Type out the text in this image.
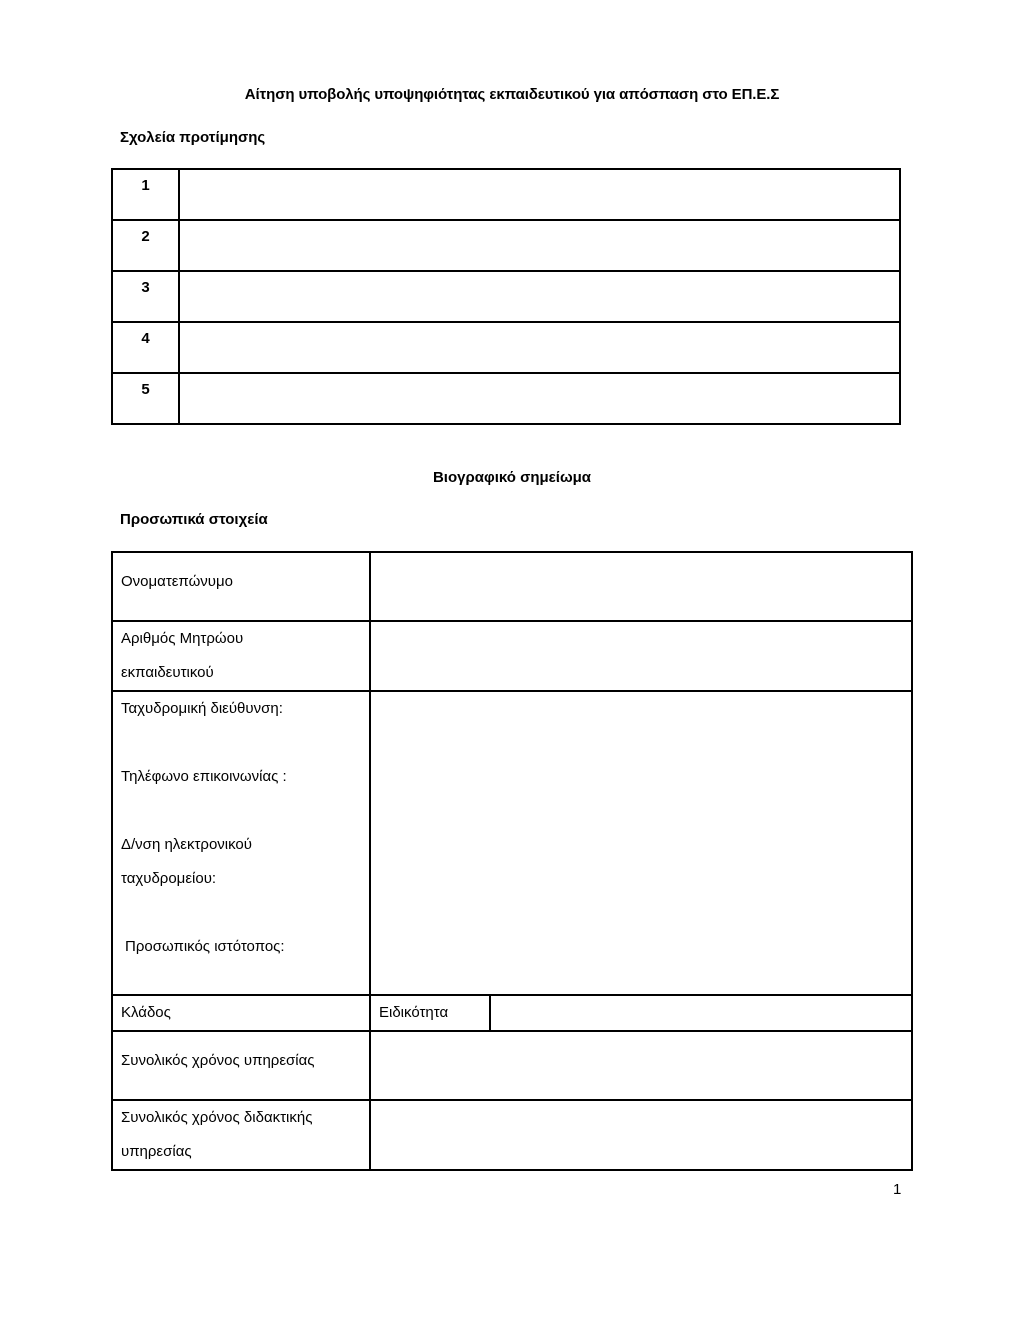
Αίτηση υποβολής υποψηφιότητας εκπαιδευτικού για απόσπαση στο ΕΠ.Ε.Σ
Σχολεία προτίμησης
1	
2	
3	
4	
5	
Βιογραφικό σημείωμα
Προσωπικά στοιχεία
Ονοματεπώνυμο		

Αριθμός Μητρώου
εκπαιδευτικού		

Ταχυδρομική διεύθυνση:
Τηλέφωνο επικοινωνίας :
Δ/νση ηλεκτρονικού
ταχυδρομείου:
Προσωπικός ιστότοπος:		

Κλάδος	Ειδικότητα	
Συνολικός χρόνος υπηρεσίας		

Συνολικός χρόνος διδακτικής
υπηρεσίας		

1
